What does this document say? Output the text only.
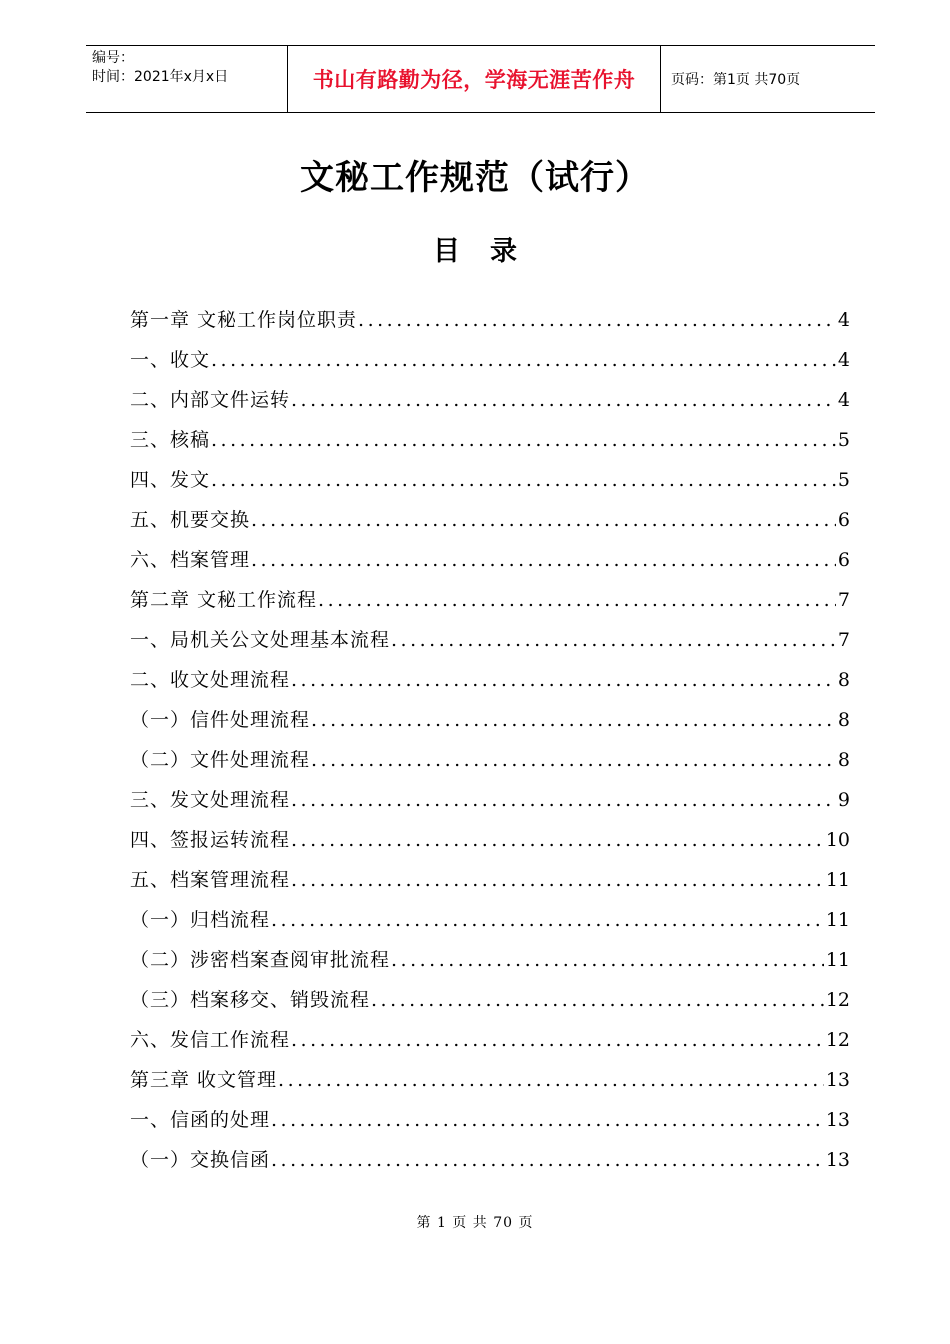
编号：
时间：2021年x月x日	书山有路勤为径，学海无涯苦作舟	页码：第1页 共70页
文秘工作规范（试行）
目录
第一章 文秘工作岗位职责 .....	4
一、收文 .....	4
二、内部文件运转 .....	4
三、核稿 .....	5
四、发文 .....	5
五、机要交换 .....	6
六、档案管理 .....	6
第二章 文秘工作流程 .....	7
一、局机关公文处理基本流程 .....	7
二、收文处理流程 .....	8
（一）信件处理流程 .....	8
（二）文件处理流程 .....	8
三、发文处理流程 .....	9
四、签报运转流程 .....	10
五、档案管理流程 .....	11
（一）归档流程 .....	11
（二）涉密档案查阅审批流程 .....	11
（三）档案移交、销毁流程 .....	12
六、发信工作流程 .....	12
第三章 收文管理 .....	13
一、信函的处理 .....	13
（一）交换信函 .....	13
第 1 页 共 70 页
